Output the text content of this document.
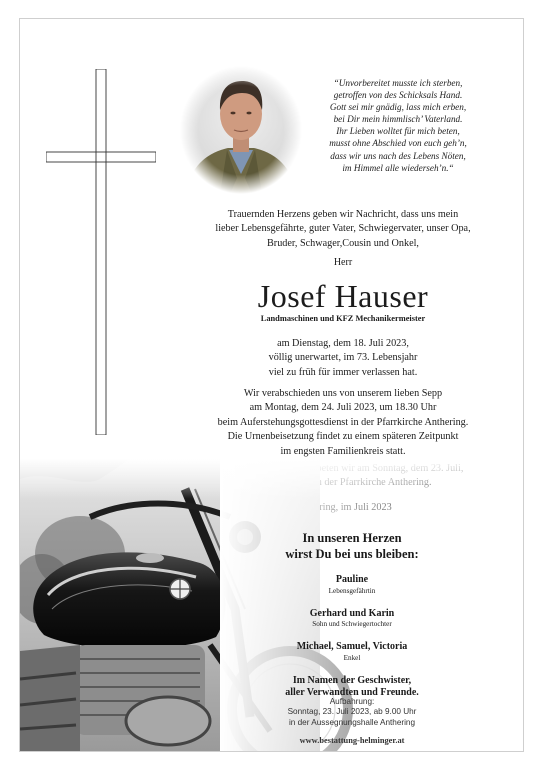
“Unvorbereitet musste ich sterben,
getroffen von des Schicksals Hand.
Gott sei mir gnädig, lass mich erben,
bei Dir mein himmlisch’ Vaterland.
Ihr Lieben wolltet für mich beten,
musst ohne Abschied von euch geh’n,
dass wir uns nach des Lebens Nöten,
im Himmel alle wiederseh’n.“
Trauernden Herzens geben wir Nachricht, dass uns mein
lieber Lebensgefährte, guter Vater, Schwiegervater, unser Opa,
Bruder, Schwager,Cousin und Onkel,
Herr
Josef Hauser
Landmaschinen und KFZ Mechanikermeister
am Dienstag, dem 18. Juli 2023,
völlig unerwartet, im 73. Lebensjahr
viel zu früh für immer verlassen hat.
Wir verabschieden uns von unserem lieben Sepp
am Montag, dem 24. Juli 2023, um 18.30 Uhr
beim Auferstehungsgottesdienst in der Pfarrkirche Anthering.
Die Urnenbeisetzung findet zu einem späteren Zeitpunkt
im engsten Familienkreis statt.
In unseren Herzen
wirst Du bei uns bleiben:
Pauline
Lebensgefährtin
Gerhard und Karin
Sohn und Schwiegertochter
Michael, Samuel, Victoria
Enkel
Im Namen der Geschwister,
aller Verwandten und Freunde.
Aufbahrung:
Sonntag, 23. Juli 2023, ab 9.00 Uhr
in der Aussegnungshalle Anthering
www.bestattung-helminger.at
